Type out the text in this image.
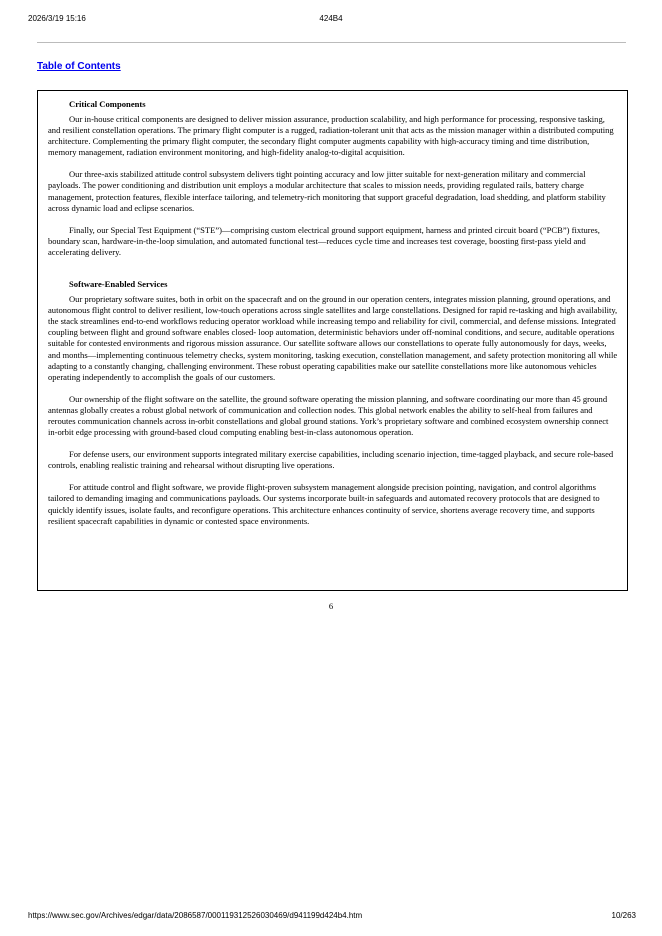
2026/3/19 15:16	424B4
Table of Contents
Critical Components

Our in-house critical components are designed to deliver mission assurance, production scalability, and high performance for processing, responsive tasking, and resilient constellation operations. The primary flight computer is a rugged, radiation-tolerant unit that acts as the mission manager within a distributed computing architecture. Complementing the primary flight computer, the secondary flight computer augments capability with high-accuracy timing and time distribution, memory management, radiation environment monitoring, and high-fidelity analog-to-digital acquisition.

Our three-axis stabilized attitude control subsystem delivers tight pointing accuracy and low jitter suitable for next-generation military and commercial payloads. The power conditioning and distribution unit employs a modular architecture that scales to mission needs, providing regulated rails, battery charge management, protection features, flexible interface tailoring, and telemetry-rich monitoring that support graceful degradation, load shedding, and platform stability across dynamic load and eclipse scenarios.

Finally, our Special Test Equipment (“STE”)—comprising custom electrical ground support equipment, harness and printed circuit board (“PCB”) fixtures, boundary scan, hardware-in-the-loop simulation, and automated functional test—reduces cycle time and increases test coverage, boosting first-pass yield and accelerating delivery.

Software-Enabled Services

Our proprietary software suites, both in orbit on the spacecraft and on the ground in our operation centers, integrates mission planning, ground operations, and autonomous flight control to deliver resilient, low-touch operations across single satellites and large constellations. Designed for rapid re-tasking and high availability, the stack streamlines end-to-end workflows reducing operator workload while increasing tempo and reliability for civil, commercial, and defense missions. Integrated coupling between flight and ground software enables closed- loop automation, deterministic behaviors under off-nominal conditions, and secure, auditable operations suitable for contested environments and rigorous mission assurance. Our satellite software allows our constellations to operate fully autonomously for days, weeks, and months—implementing continuous telemetry checks, system monitoring, tasking execution, constellation management, and safety protection monitoring all while adapting to a constantly changing, challenging environment. These robust operating capabilities make our satellite constellations more like autonomous vehicles operating independently to accomplish the goals of our customers.

Our ownership of the flight software on the satellite, the ground software operating the mission planning, and software coordinating our more than 45 ground antennas globally creates a robust global network of communication and collection nodes. This global network enables the ability to self-heal from failures and reroutes communication channels across in-orbit constellations and global ground stations. York’s proprietary software and combined ecosystem ownership connect in-orbit edge processing with ground-based cloud computing enabling best-in-class autonomous operation.

For defense users, our environment supports integrated military exercise capabilities, including scenario injection, time-tagged playback, and secure role-based controls, enabling realistic training and rehearsal without disrupting live operations.

For attitude control and flight software, we provide flight-proven subsystem management alongside precision pointing, navigation, and control algorithms tailored to demanding imaging and communications payloads. Our systems incorporate built-in safeguards and automated recovery protocols that are designed to quickly identify issues, isolate faults, and reconfigure operations. This architecture enhances continuity of service, shortens average recovery time, and supports resilient spacecraft capabilities in dynamic or contested space environments.

6
https://www.sec.gov/Archives/edgar/data/2086587/000119312526030469/d941199d424b4.htm	10/263
